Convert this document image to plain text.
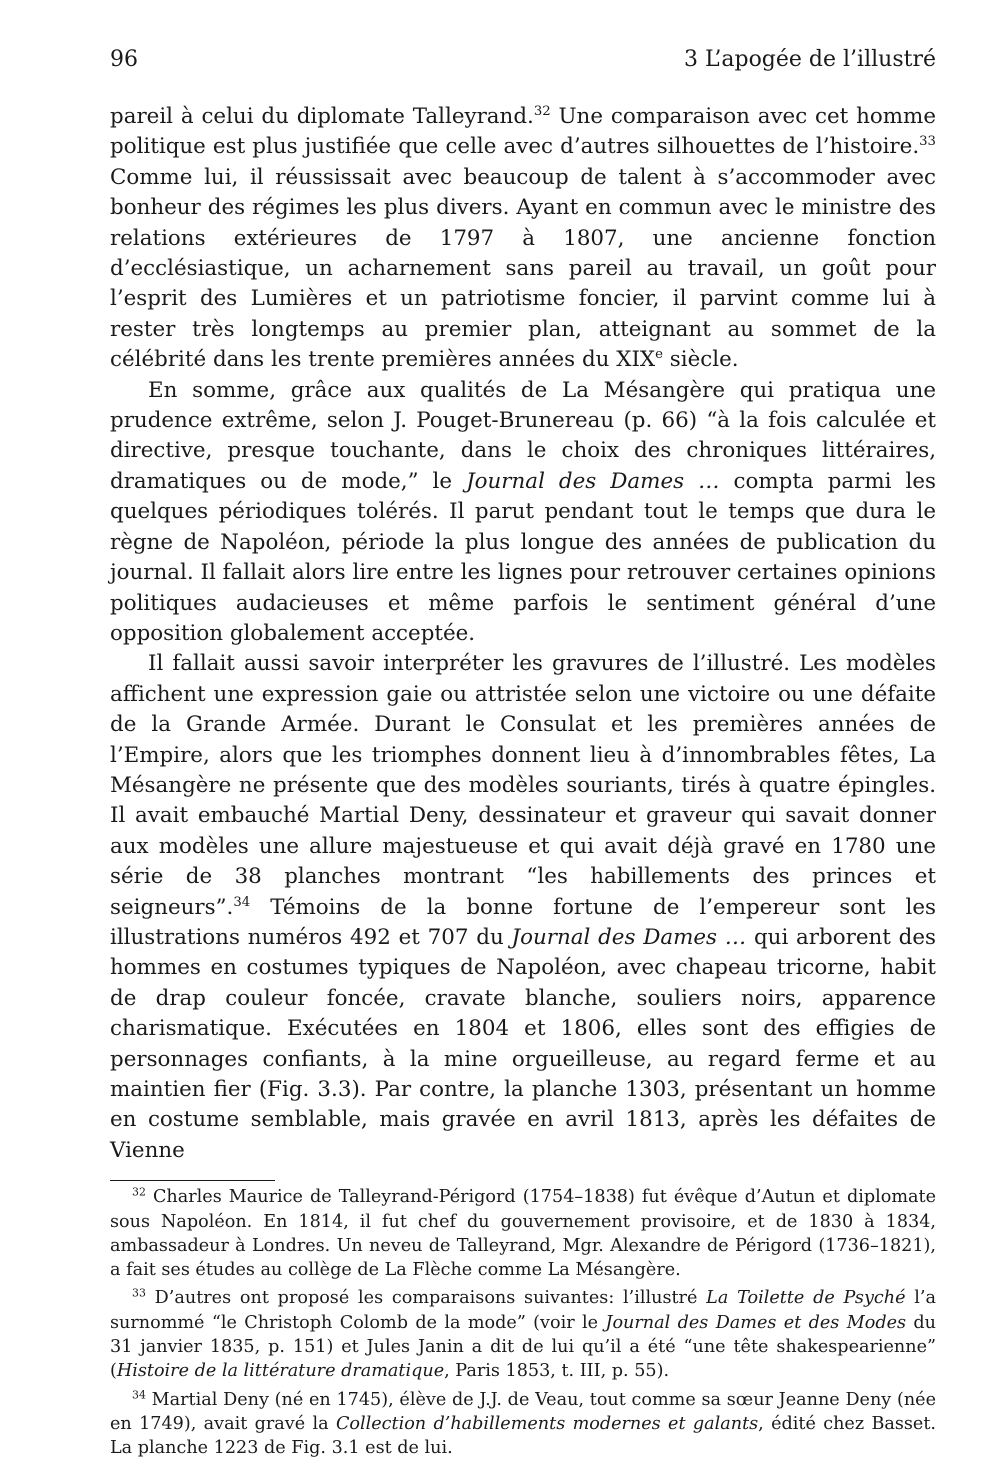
96	3 L’apogée de l’illustré

pareil à celui du diplomate Talleyrand.$^{32}$ Une comparaison avec cet homme politique est plus justifiée que celle avec d’autres silhouettes de l’histoire.$^{33}$ Comme lui, il réussissait avec beaucoup de talent à s’accommoder avec bonheur des régimes les plus divers. Ayant en commun avec le ministre des relations extérieures de 1797 à 1807, une ancienne fonction d’ecclésiastique, un acharnement sans pareil au travail, un goût pour l’esprit des Lumières et un patriotisme foncier, il parvint comme lui à rester très longtemps au premier plan, atteignant au sommet de la célébrité dans les trente premières années du XIXe siècle.

En somme, grâce aux qualités de La Mésangère qui pratiqua une prudence extrême, selon J. Pouget-Brunereau (p. 66) “à la fois calculée et directive, presque touchante, dans le choix des chroniques littéraires, dramatiques ou de mode,” le Journal des Dames … compta parmi les quelques périodiques tolérés. Il parut pendant tout le temps que dura le règne de Napoléon, période la plus longue des années de publication du journal. Il fallait alors lire entre les lignes pour retrouver certaines opinions politiques audacieuses et même parfois le sentiment général d’une opposition globalement acceptée.

Il fallait aussi savoir interpréter les gravures de l’illustré. Les modèles affichent une expression gaie ou attristée selon une victoire ou une défaite de la Grande Armée. Durant le Consulat et les premières années de l’Empire, alors que les triomphes donnent lieu à d’innombrables fêtes, La Mésangère ne présente que des modèles souriants, tirés à quatre épingles. Il avait embauché Martial Deny, dessinateur et graveur qui savait donner aux modèles une allure majestueuse et qui avait déjà gravé en 1780 une série de 38 planches montrant “les habillements des princes et seigneurs”.$^{34}$ Témoins de la bonne fortune de l’empereur sont les illustrations numéros 492 et 707 du Journal des Dames … qui arborent des hommes en costumes typiques de Napoléon, avec chapeau tricorne, habit de drap couleur foncée, cravate blanche, souliers noirs, apparence charismatique. Exécutées en 1804 et 1806, elles sont des effigies de personnages confiants, à la mine orgueilleuse, au regard ferme et au maintien fier (Fig. 3.3). Par contre, la planche 1303, présentant un homme en costume semblable, mais gravée en avril 1813, après les défaites de Vienne

$^{32}$ Charles Maurice de Talleyrand-Périgord (1754–1838) fut évêque d’Autun et diplomate sous Napoléon. En 1814, il fut chef du gouvernement provisoire, et de 1830 à 1834, ambassadeur à Londres. Un neveu de Talleyrand, Mgr. Alexandre de Périgord (1736–1821), a fait ses études au collège de La Flèche comme La Mésangère.

$^{33}$ D’autres ont proposé les comparaisons suivantes: l’illustré La Toilette de Psyché l’a surnommé “le Christoph Colomb de la mode” (voir le Journal des Dames et des Modes du 31 janvier 1835, p. 151) et Jules Janin a dit de lui qu’il a été “une tête shakespearienne” (Histoire de la littérature dramatique, Paris 1853, t. III, p. 55).

$^{34}$ Martial Deny (né en 1745), élève de J.J. de Veau, tout comme sa sœur Jeanne Deny (née en 1749), avait gravé la Collection d’habillements modernes et galants, édité chez Basset. La planche 1223 de Fig. 3.1 est de lui.
